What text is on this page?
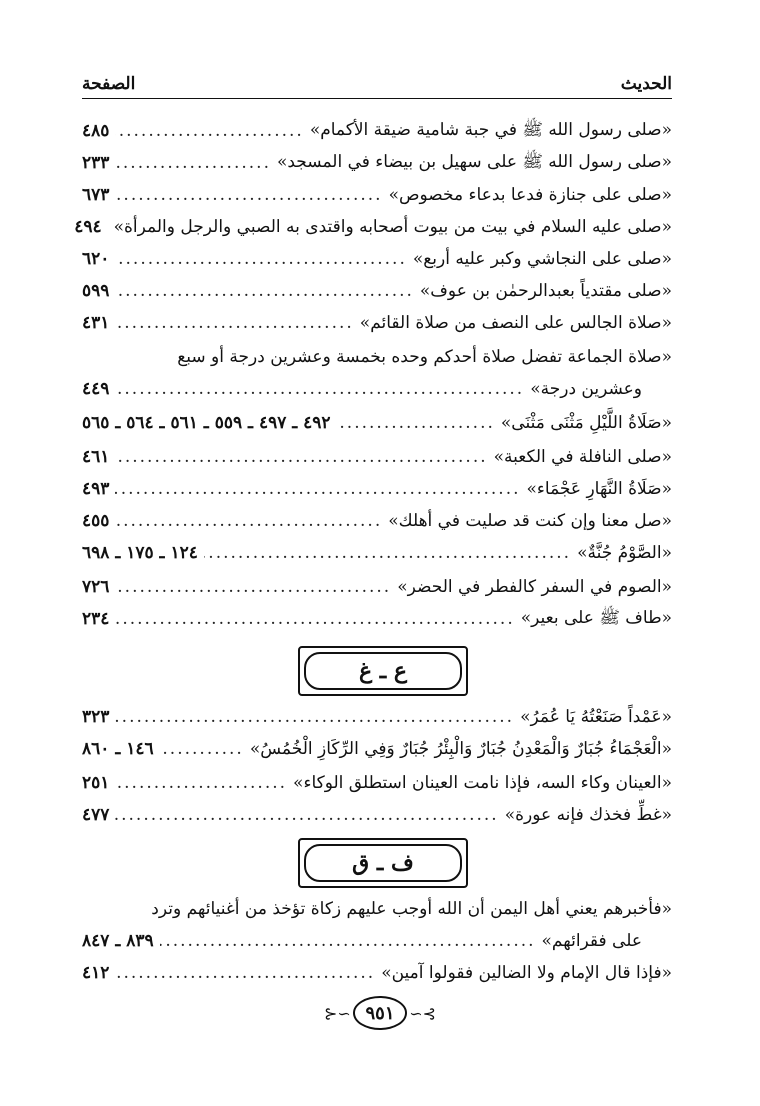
الحديث
الصفحة
«صلى رسول الله ﷺ في جبة شامية ضيقة الأكمام»
.....
٤٨٥
«صلى رسول الله ﷺ على سهيل بن بيضاء في المسجد»
.....
٢٣٣
«صلى على جنازة فدعا بدعاء مخصوص»
.....
٦٧٣
«صلى عليه السلام في بيت من بيوت أصحابه واقتدى به الصبي والرجل والمرأة»
٤٩٤
«صلى على النجاشي وكبر عليه أربع»
.....
٦٢٠
«صلى مقتدياً بعبدالرحمٰن بن عوف»
.....
٥٩٩
«صلاة الجالس على النصف من صلاة القائم»
.....
٤٣١
«صلاة الجماعة تفضل صلاة أحدكم وحده بخمسة وعشرين درجة أو سبع
وعشرين درجة»
.....
٤٤٩
«صَلَاةُ اللَّيْلِ مَثْنَى مَثْنَى»
.....
٤٩٢ ـ ٤٩٧ ـ ٥٥٩ ـ ٥٦١ ـ ٥٦٤ ـ ٥٦٥
«صلى النافلة في الكعبة»
.....
٤٦١
«صَلَاةُ النَّهَارِ عَجْمَاء»
.....
٤٩٣
«صل معنا وإن كنت قد صليت في أهلك»
.....
٤٥٥
«الصَّوْمُ جُنَّةٌ»
.....
١٢٤ ـ ١٧٥ ـ ٦٩٨
«الصوم في السفر كالفطر في الحضر»
.....
٧٢٦
«طاف ﷺ على بعير»
.....
٢٣٤
ع ـ غ
«عَمْداً صَنَعْتُهُ يَا عُمَرُ»
.....
٣٢٣
«الْعَجْمَاءُ جُبَارٌ وَالْمَعْدِنُ جُبَارٌ وَالْبِئْرُ جُبَارٌ وَفِي الرِّكَازِ الْخُمُسُ»
.....
١٤٦ ـ ٨٦٠
«العينان وكاء السه، فإذا نامت العينان استطلق الوكاء»
.....
٢٥١
«غطِّ فخذك فإنه عورة»
.....
٤٧٧
ف ـ ق
«فأخبرهم يعني أهل اليمن أن الله أوجب عليهم زكاة تؤخذ من أغنيائهم وترد
على فقرائهم»
.....
٨٣٩ ـ ٨٤٧
«فإذا قال الإمام ولا الضالين فقولوا آمين»
.....
٤١٢
⊱∽ ٩٥١ ∽⊰
